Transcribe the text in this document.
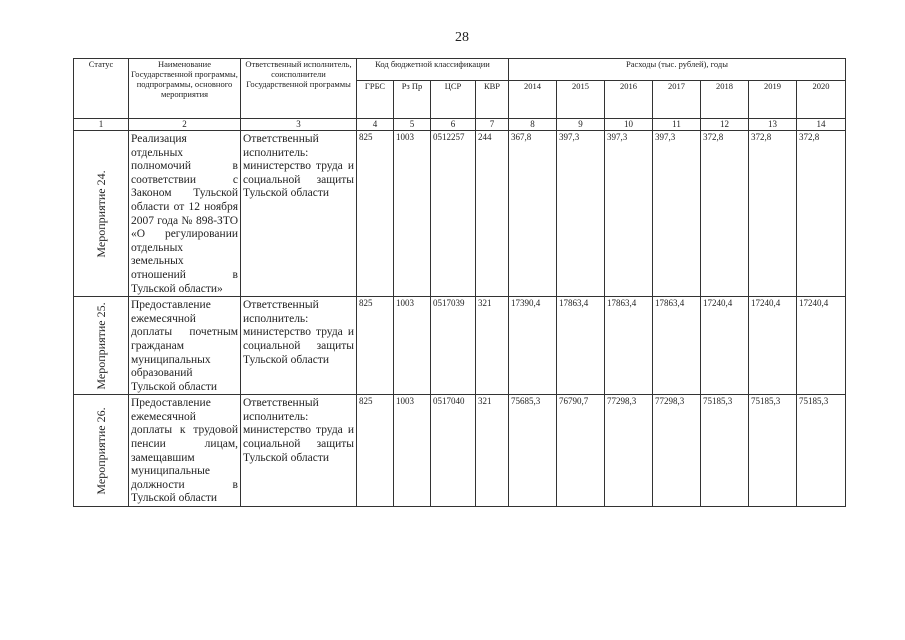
28
Статус	Наименование Государственной программы, подпрограммы, основного мероприятия	Ответственный исполнитель, соисполнители Государственной программы	Код бюджетной классификации				Расходы (тыс. рублей), годы						
			ГРБС	Рз Пр	ЦСР	КВР	2014	2015	2016	2017	2018	2019	2020
1	2	3	4	5	6	7	8	9	10	11	12	13	14

Мероприятие 24.	Реализация отдельных полномочий в соответствии с Законом Тульской области от 12 ноября 2007 года № 898-ЗТО «О регулировании отдельных земельных отношений в Тульской области»	Ответственный исполнитель: министерство труда и социальной защиты Тульской области	825	1003	0512257	244	367,8	397,3	397,3	397,3	372,8	372,8	372,8

Мероприятие 25.	Предоставление ежемесячной доплаты почетным гражданам муниципальных образований Тульской области	Ответственный исполнитель: министерство труда и социальной защиты Тульской области	825	1003	0517039	321	17390,4	17863,4	17863,4	17863,4	17240,4	17240,4	17240,4

Мероприятие 26.	Предоставление ежемесячной доплаты к трудовой пенсии лицам, замещавшим муниципальные должности в Тульской области	Ответственный исполнитель: министерство труда и социальной защиты Тульской области	825	1003	0517040	321	75685,3	76790,7	77298,3	77298,3	75185,3	75185,3	75185,3
